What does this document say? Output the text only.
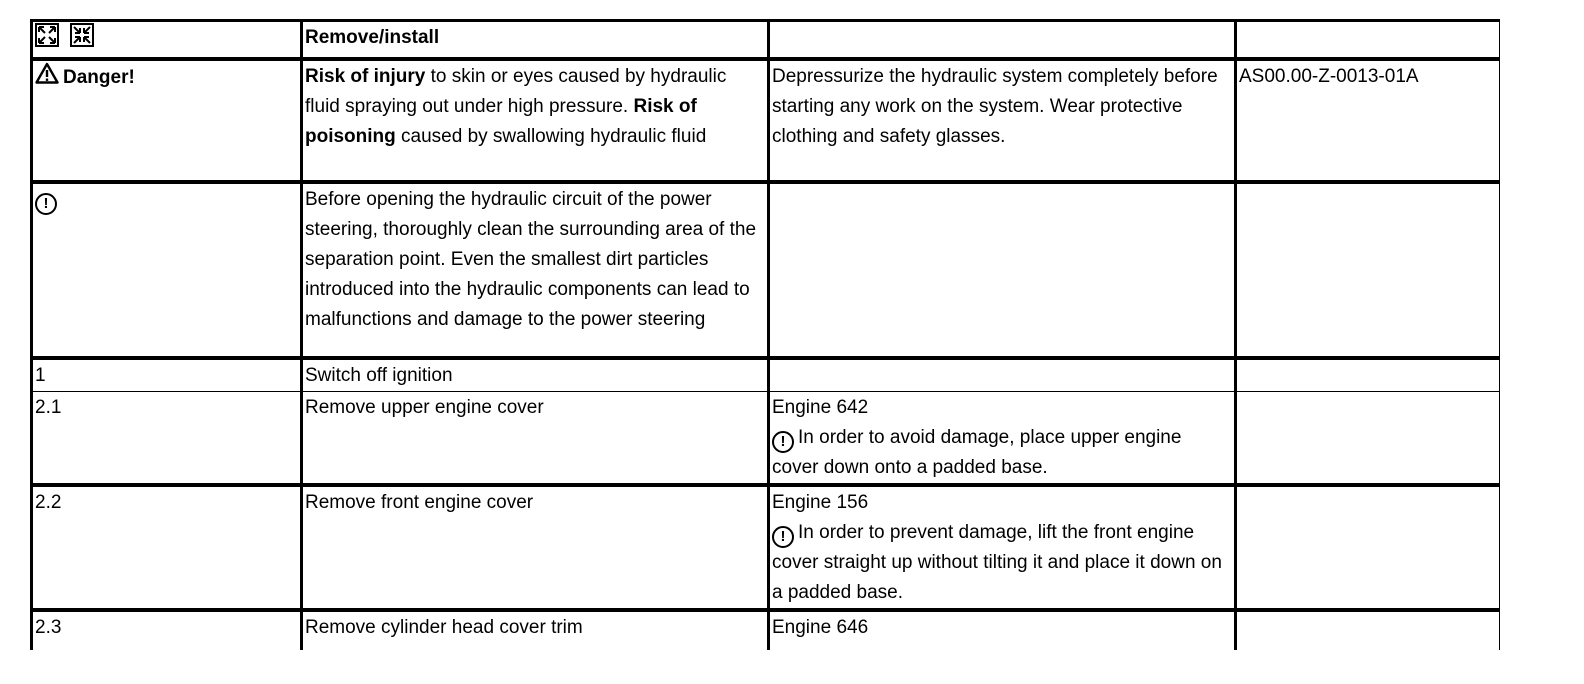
	Remove/install		
Danger!	Risk of injury to skin or eyes caused by hydraulic fluid spraying out under high pressure. Risk of poisoning caused by swallowing hydraulic fluid	Depressurize the hydraulic system completely before starting any work on the system. Wear protective clothing and safety glasses.	AS00.00-Z-0013-01A
!	Before opening the hydraulic circuit of the power steering, thoroughly clean the surrounding area of the separation point. Even the smallest dirt particles introduced into the hydraulic components can lead to malfunctions and damage to the power steering		
1	Switch off ignition		
2.1	Remove upper engine cover	Engine 642
! In order to avoid damage, place upper engine cover down onto a padded base.	

2.2	Remove front engine cover	Engine 156
! In order to prevent damage, lift the front engine cover straight up without tilting it and place it down on a padded base.	

2.3	Remove cylinder head cover trim	Engine 646	
